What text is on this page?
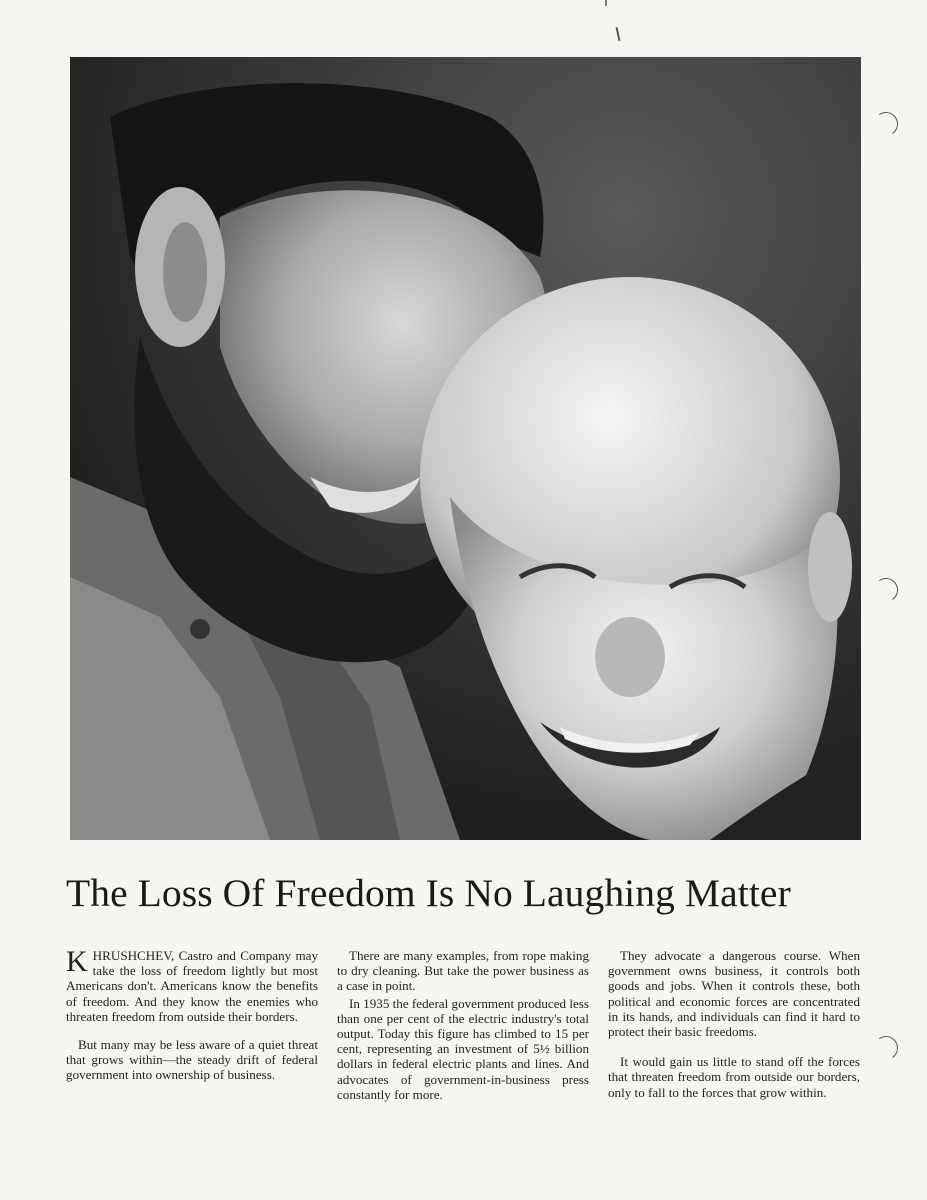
The Loss Of Freedom Is No Laughing Matter

KHRUSHCHEV, Castro and Company may take the loss of freedom lightly but most Americans don't. Americans know the benefits of freedom. And they know the enemies who threaten freedom from outside their borders.

But many may be less aware of a quiet threat that grows within—the steady drift of federal government into ownership of business.

There are many examples, from rope making to dry cleaning. But take the power business as a case in point.

In 1935 the federal government produced less than one per cent of the electric industry's total output. Today this figure has climbed to 15 per cent, representing an investment of 5½ billion dollars in federal electric plants and lines. And advocates of government-in-business press constantly for more.

They advocate a dangerous course. When government owns business, it controls both goods and jobs. When it controls these, both political and economic forces are concentrated in its hands, and individuals can find it hard to protect their basic freedoms.

It would gain us little to stand off the forces that threaten freedom from outside our borders, only to fall to the forces that grow within.
